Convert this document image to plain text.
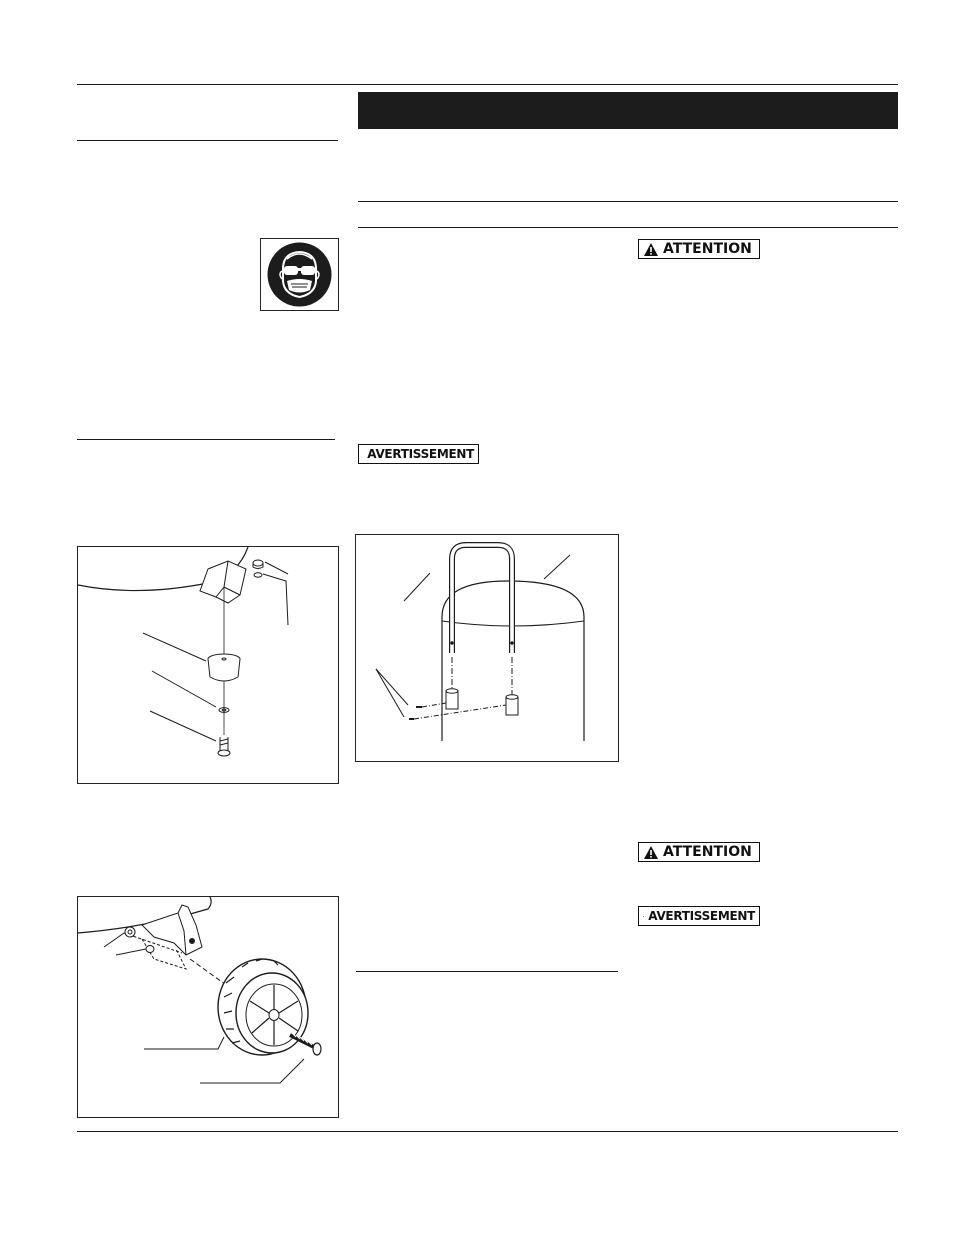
AVERTISSEMENT
ATTENTION
ATTENTION
AVERTISSEMENT
